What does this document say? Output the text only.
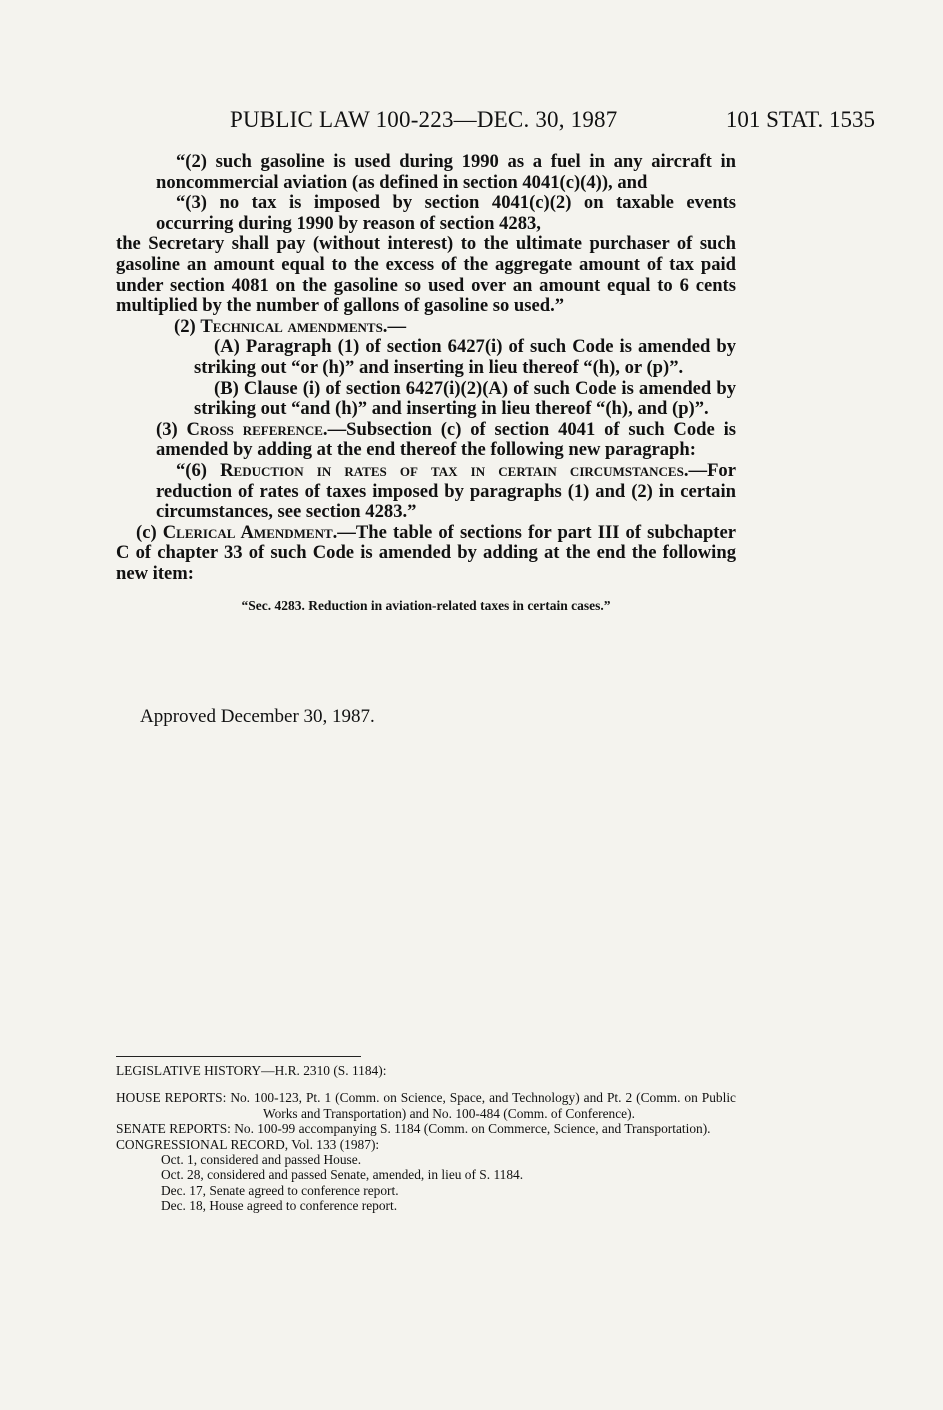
PUBLIC LAW 100-223—DEC. 30, 1987	101 STAT. 1535

“(2) such gasoline is used during 1990 as a fuel in any aircraft in noncommercial aviation (as defined in section 4041(c)(4)), and

“(3) no tax is imposed by section 4041(c)(2) on taxable events occurring during 1990 by reason of section 4283,

the Secretary shall pay (without interest) to the ultimate purchaser of such gasoline an amount equal to the excess of the aggregate amount of tax paid under section 4081 on the gasoline so used over an amount equal to 6 cents multiplied by the number of gallons of gasoline so used.”

(2) Technical amendments.—

(A) Paragraph (1) of section 6427(i) of such Code is amended by striking out “or (h)” and inserting in lieu thereof “(h), or (p)”.

(B) Clause (i) of section 6427(i)(2)(A) of such Code is amended by striking out “and (h)” and inserting in lieu thereof “(h), and (p)”.

(3) Cross reference.—Subsection (c) of section 4041 of such Code is amended by adding at the end thereof the following new paragraph:

“(6) Reduction in rates of tax in certain circumstances.—For reduction of rates of taxes imposed by paragraphs (1) and (2) in certain circumstances, see section 4283.”

(c) Clerical Amendment.—The table of sections for part III of subchapter C of chapter 33 of such Code is amended by adding at the end the following new item:

“Sec. 4283. Reduction in aviation-related taxes in certain cases.”

Approved December 30, 1987.

LEGISLATIVE HISTORY—H.R. 2310 (S. 1184):

HOUSE REPORTS: No. 100-123, Pt. 1 (Comm. on Science, Space, and Technology) and Pt. 2 (Comm. on Public Works and Transportation) and No. 100-484 (Comm. of Conference).

SENATE REPORTS: No. 100-99 accompanying S. 1184 (Comm. on Commerce, Science, and Transportation).

CONGRESSIONAL RECORD, Vol. 133 (1987):

Oct. 1, considered and passed House.

Oct. 28, considered and passed Senate, amended, in lieu of S. 1184.

Dec. 17, Senate agreed to conference report.

Dec. 18, House agreed to conference report.
